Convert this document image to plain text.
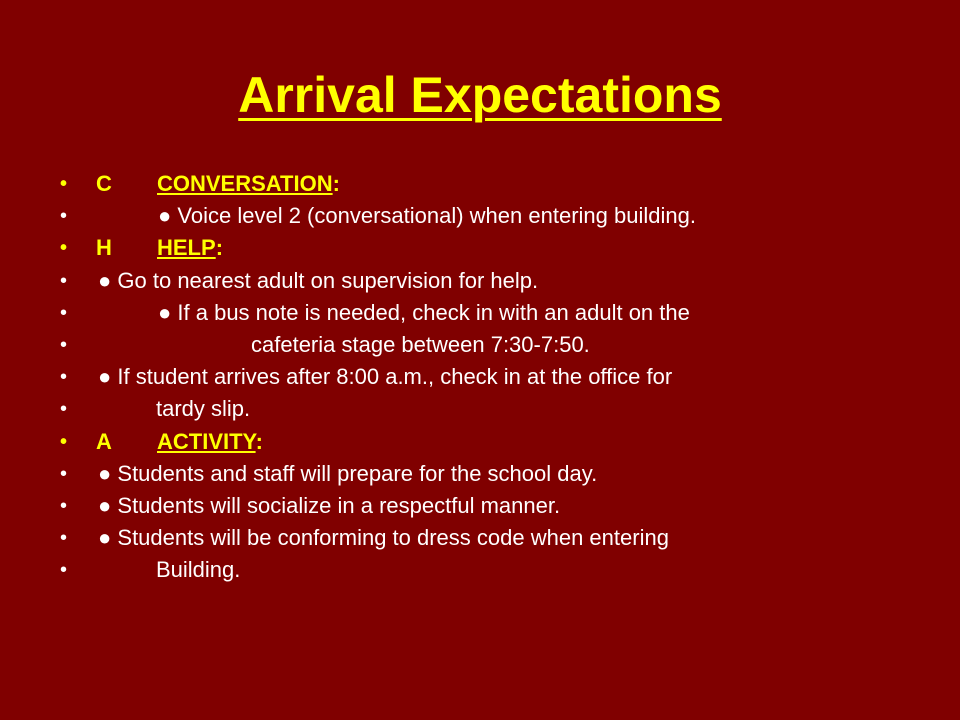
Arrival Expectations
• C CONVERSATION:
•	● Voice level 2 (conversational) when entering building.
• H HELP:
• ● Go to nearest adult on supervision for help.
•	● If a bus note is needed, check in with an adult on the
•	cafeteria stage between 7:30-7:50.
• ● If student arrives after 8:00 a.m., check in at the office for
•	tardy slip.
• A ACTIVITY:
• ● Students and staff will prepare for the school day.
• ● Students will socialize in a respectful manner.
• ● Students will be conforming to dress code when entering
•	Building.
